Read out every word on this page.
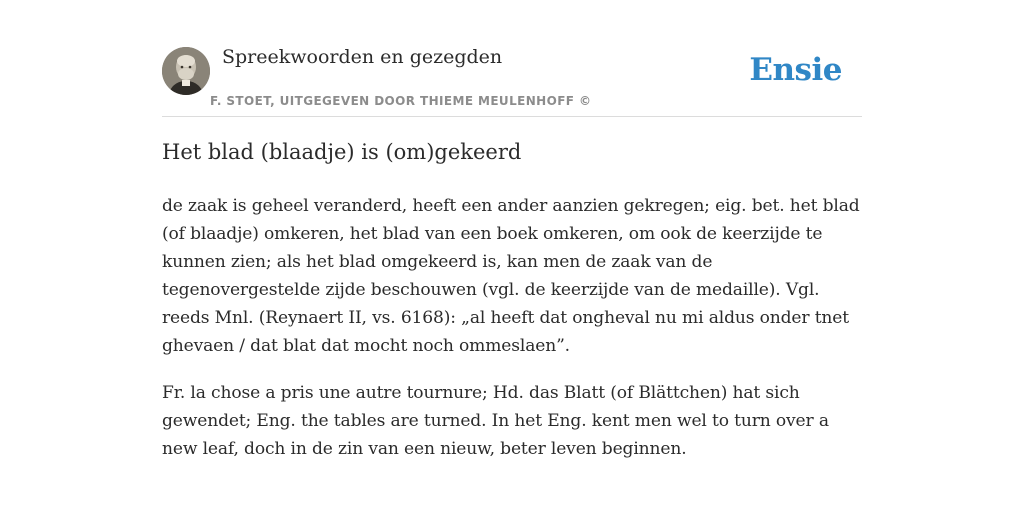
Spreekwoorden en gezegden
F. STOET, UITGEGEVEN DOOR THIEME MEULENHOFF ©
Ensie
Het blad (blaadje) is (om)gekeerd

de zaak is geheel veranderd, heeft een ander aanzien gekregen; eig. bet. het blad (of blaadje) omkeren, het blad van een boek omkeren, om ook de keerzijde te kunnen zien; als het blad omgekeerd is, kan men de zaak van de tegenovergestelde zijde beschouwen (vgl. de keerzijde van de medaille). Vgl. reeds Mnl. (Reynaert II, vs. 6168): „al heeft dat ongheval nu mi aldus onder tnet ghevaen / dat blat dat mocht noch ommeslaen”.

Fr. la chose a pris une autre tournure; Hd. das Blatt (of Blättchen) hat sich gewendet; Eng. the tables are turned. In het Eng. kent men wel to turn over a new leaf, doch in de zin van een nieuw, beter leven beginnen.
